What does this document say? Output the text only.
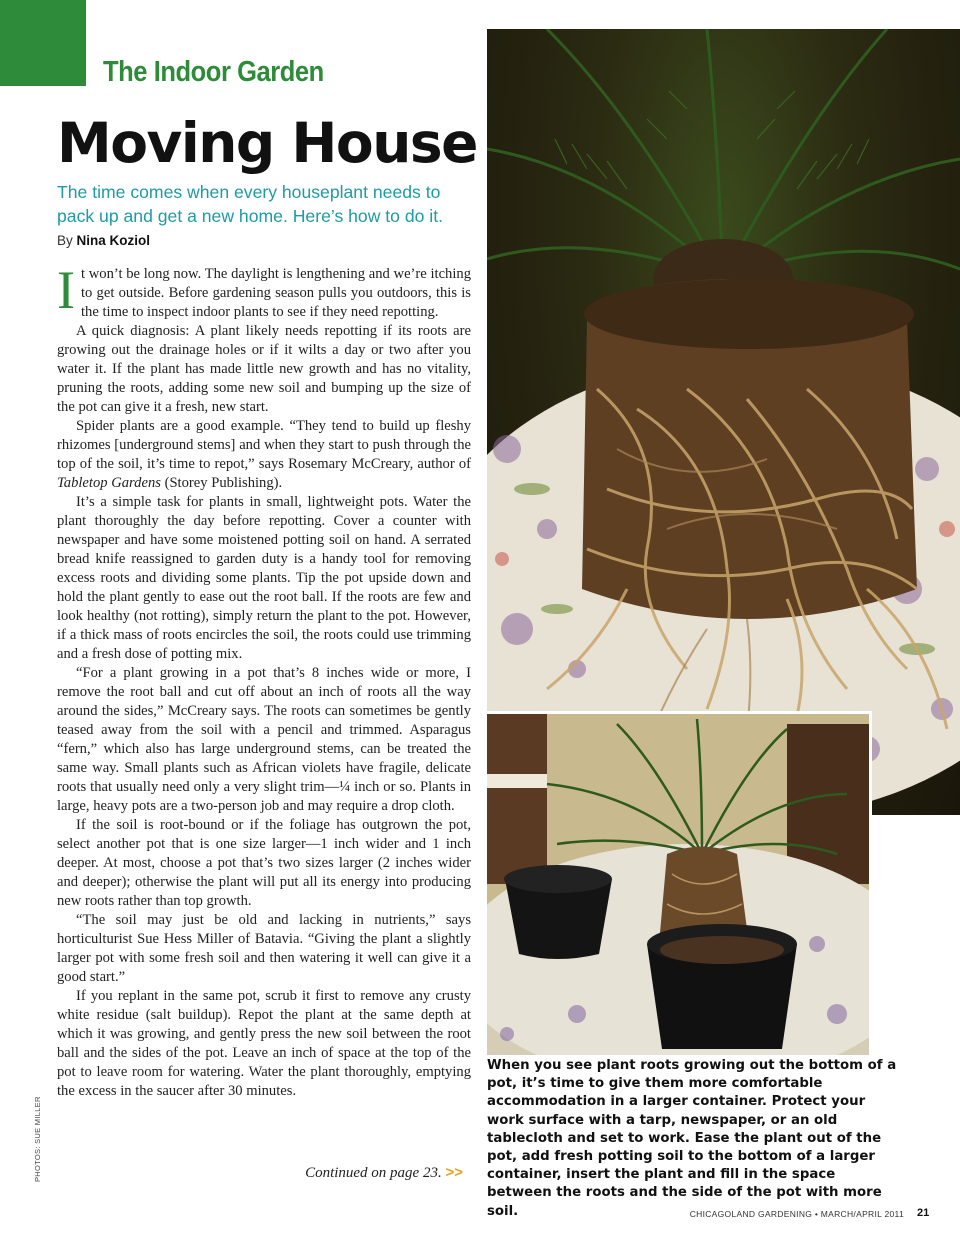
The Indoor Garden
Moving House

The time comes when every houseplant needs to pack up and get a new home. Here’s how to do it.

By Nina Koziol

It won’t be long now. The daylight is lengthening and we’re itching to get outside. Before gardening season pulls you outdoors, this is the time to inspect indoor plants to see if they need repotting.

A quick diagnosis: A plant likely needs repotting if its roots are growing out the drainage holes or if it wilts a day or two after you water it. If the plant has made little new growth and has no vitality, pruning the roots, adding some new soil and bumping up the size of the pot can give it a fresh, new start.

Spider plants are a good example. “They tend to build up fleshy rhizomes [underground stems] and when they start to push through the top of the soil, it’s time to repot,” says Rosemary McCreary, author of Tabletop Gardens (Storey Publishing).

It’s a simple task for plants in small, lightweight pots. Water the plant thoroughly the day before repotting. Cover a counter with newspaper and have some moistened potting soil on hand. A serrated bread knife reassigned to garden duty is a handy tool for removing excess roots and dividing some plants. Tip the pot upside down and hold the plant gently to ease out the root ball. If the roots are few and look healthy (not rotting), simply return the plant to the pot. However, if a thick mass of roots encircles the soil, the roots could use trimming and a fresh dose of potting mix.

“For a plant growing in a pot that’s 8 inches wide or more, I remove the root ball and cut off about an inch of roots all the way around the sides,” McCreary says. The roots can sometimes be gently teased away from the soil with a pencil and trimmed. Asparagus “fern,” which also has large underground stems, can be treated the same way. Small plants such as African violets have fragile, delicate roots that usually need only a very slight trim—¼ inch or so. Plants in large, heavy pots are a two-person job and may require a drop cloth.

If the soil is root-bound or if the foliage has outgrown the pot, select another pot that is one size larger—1 inch wider and 1 inch deeper. At most, choose a pot that’s two sizes larger (2 inches wider and deeper); otherwise the plant will put all its energy into producing new roots rather than top growth.

“The soil may just be old and lacking in nutrients,” says horticulturist Sue Hess Miller of Batavia. “Giving the plant a slightly larger pot with some fresh soil and then watering it well can give it a good start.”

If you replant in the same pot, scrub it first to remove any crusty white residue (salt buildup). Repot the plant at the same depth at which it was growing, and gently press the new soil between the root ball and the sides of the pot. Leave an inch of space at the top of the pot to leave room for watering. Water the plant thoroughly, emptying the excess in the saucer after 30 minutes.

Continued on page 23. >>
PHOTOS: SUE MILLER
When you see plant roots growing out the bottom of a pot, it’s time to give them more comfortable accommodation in a larger container. Protect your work surface with a tarp, newspaper, or an old tablecloth and set to work. Ease the plant out of the pot, add fresh potting soil to the bottom of a larger container, insert the plant and fill in the space between the roots and the side of the pot with more soil.	CHICAGOLAND GARDENING • MARCH/APRIL 2011 21
